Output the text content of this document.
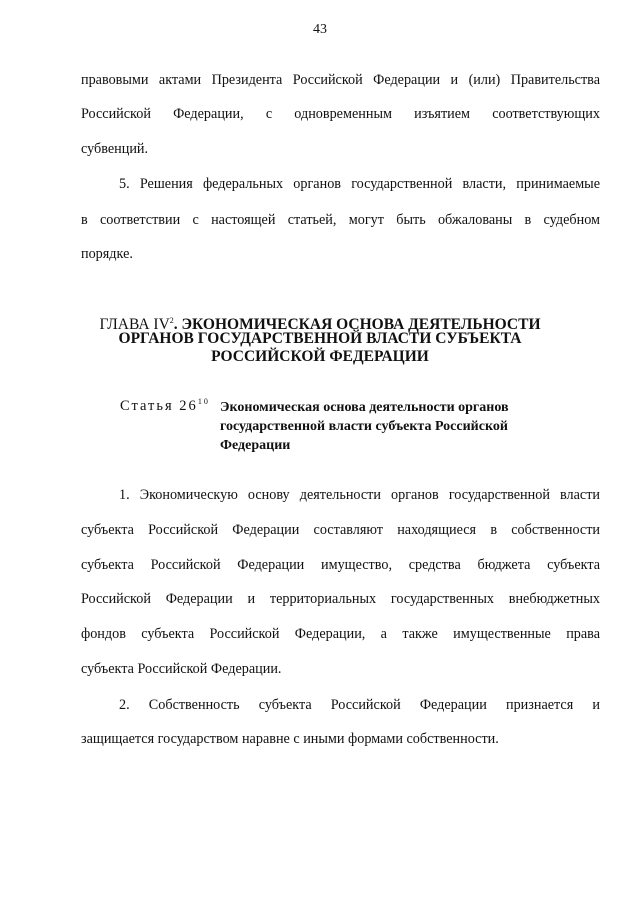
43
правовыми актами Президента Российской Федерации и (или) Правительства
Российской Федерации, с одновременным изъятием соответствующих
субвенций.
5. Решения федеральных органов государственной власти, принимаемые
в соответствии с настоящей статьей, могут быть обжалованы в судебном
порядке.
ГЛАВА $IV^2$. ЭКОНОМИЧЕСКАЯ ОСНОВА ДЕЯТЕЛЬНОСТИ
ОРГАНОВ ГОСУДАРСТВЕННОЙ ВЛАСТИ СУБЪЕКТА
РОССИЙСКОЙ ФЕДЕРАЦИИ
Статья $26^{10}$ Экономическая основа деятельности органов
государственной власти субъекта Российской
Федерации
1. Экономическую основу деятельности органов государственной власти
субъекта Российской Федерации составляют находящиеся в собственности
субъекта Российской Федерации имущество, средства бюджета субъекта
Российской Федерации и территориальных государственных внебюджетных
фондов субъекта Российской Федерации, а также имущественные права
субъекта Российской Федерации.
2. Собственность субъекта Российской Федерации признается и
защищается государством наравне с иными формами собственности.
